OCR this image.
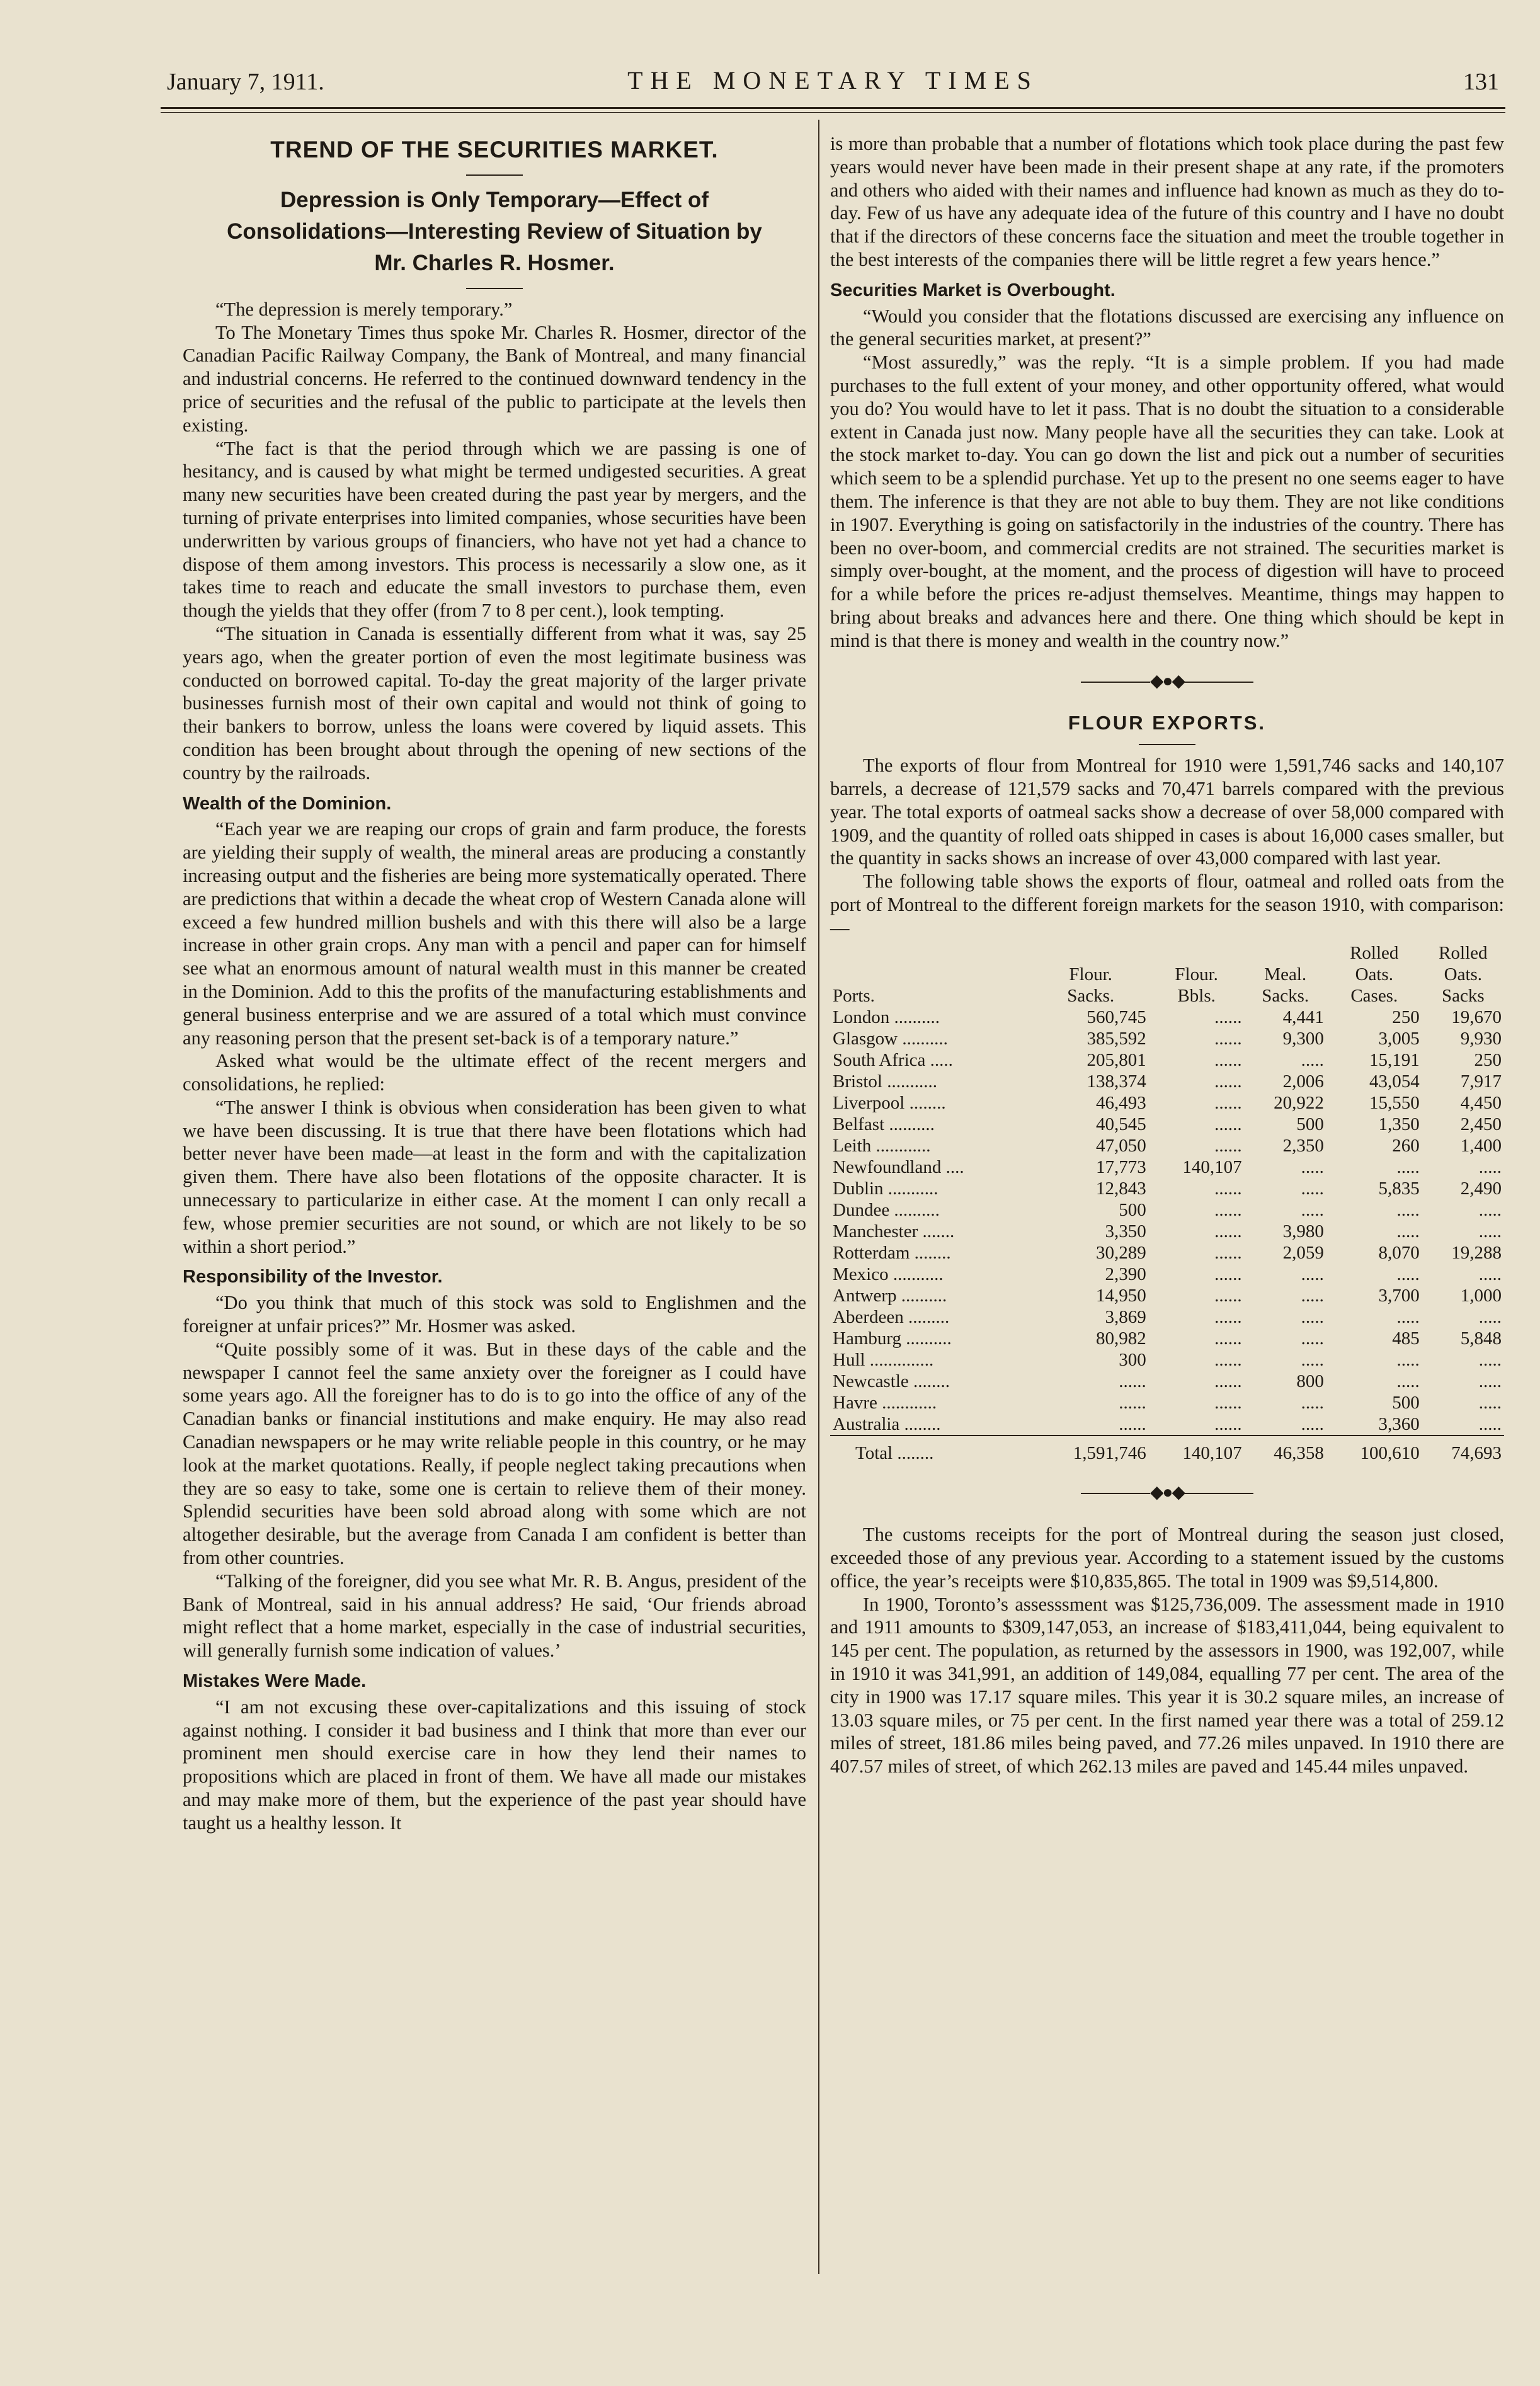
January 7, 1911.	THE MONETARY TIMES	131
TREND OF THE SECURITIES MARKET.
Depression is Only Temporary—Effect of Consolidations—Interesting Review of Situation by Mr. Charles R. Hosmer.

“The depression is merely temporary.”

To The Monetary Times thus spoke Mr. Charles R. Hosmer, director of the Canadian Pacific Railway Company, the Bank of Montreal, and many financial and industrial concerns. He referred to the continued downward tendency in the price of securities and the refusal of the public to participate at the levels then existing.

“The fact is that the period through which we are passing is one of hesitancy, and is caused by what might be termed undigested securities. A great many new securities have been created during the past year by mergers, and the turning of private enterprises into limited companies, whose securities have been underwritten by various groups of financiers, who have not yet had a chance to dispose of them among investors. This process is necessarily a slow one, as it takes time to reach and educate the small investors to purchase them, even though the yields that they offer (from 7 to 8 per cent.), look tempting.

“The situation in Canada is essentially different from what it was, say 25 years ago, when the greater portion of even the most legitimate business was conducted on borrowed capital. To-day the great majority of the larger private businesses furnish most of their own capital and would not think of going to their bankers to borrow, unless the loans were covered by liquid assets. This condition has been brought about through the opening of new sections of the country by the railroads.

Wealth of the Dominion.

“Each year we are reaping our crops of grain and farm produce, the forests are yielding their supply of wealth, the mineral areas are producing a constantly increasing output and the fisheries are being more systematically operated. There are predictions that within a decade the wheat crop of Western Canada alone will exceed a few hundred million bushels and with this there will also be a large increase in other grain crops. Any man with a pencil and paper can for himself see what an enormous amount of natural wealth must in this manner be created in the Dominion. Add to this the profits of the manufacturing establishments and general business enterprise and we are assured of a total which must convince any reasoning person that the present set-back is of a temporary nature.”

Asked what would be the ultimate effect of the recent mergers and consolidations, he replied:

“The answer I think is obvious when consideration has been given to what we have been discussing. It is true that there have been flotations which had better never have been made—at least in the form and with the capitalization given them. There have also been flotations of the opposite character. It is unnecessary to particularize in either case. At the moment I can only recall a few, whose premier securities are not sound, or which are not likely to be so within a short period.”

Responsibility of the Investor.

“Do you think that much of this stock was sold to Englishmen and the foreigner at unfair prices?” Mr. Hosmer was asked.

“Quite possibly some of it was. But in these days of the cable and the newspaper I cannot feel the same anxiety over the foreigner as I could have some years ago. All the foreigner has to do is to go into the office of any of the Canadian banks or financial institutions and make enquiry. He may also read Canadian newspapers or he may write reliable people in this country, or he may look at the market quotations. Really, if people neglect taking precautions when they are so easy to take, some one is certain to relieve them of their money. Splendid securities have been sold abroad along with some which are not altogether desirable, but the average from Canada I am confident is better than from other countries.

“Talking of the foreigner, did you see what Mr. R. B. Angus, president of the Bank of Montreal, said in his annual address? He said, ‘Our friends abroad might reflect that a home market, especially in the case of industrial securities, will generally furnish some indication of values.’

Mistakes Were Made.

“I am not excusing these over-capitalizations and this issuing of stock against nothing. I consider it bad business and I think that more than ever our prominent men should exercise care in how they lend their names to propositions which are placed in front of them. We have all made our mistakes and may make more of them, but the experience of the past year should have taught us a healthy lesson. It

is more than probable that a number of flotations which took place during the past few years would never have been made in their present shape at any rate, if the promoters and others who aided with their names and influence had known as much as they do to-day. Few of us have any adequate idea of the future of this country and I have no doubt that if the directors of these concerns face the situation and meet the trouble together in the best interests of the companies there will be little regret a few years hence.”

Securities Market is Overbought.

“Would you consider that the flotations discussed are exercising any influence on the general securities market, at present?”

“Most assuredly,” was the reply. “It is a simple problem. If you had made purchases to the full extent of your money, and other opportunity offered, what would you do? You would have to let it pass. That is no doubt the situation to a considerable extent in Canada just now. Many people have all the securities they can take. Look at the stock market to-day. You can go down the list and pick out a number of securities which seem to be a splendid purchase. Yet up to the present no one seems eager to have them. The inference is that they are not able to buy them. They are not like conditions in 1907. Everything is going on satisfactorily in the industries of the country. There has been no over-boom, and commercial credits are not strained. The securities market is simply over-bought, at the moment, and the process of digestion will have to proceed for a while before the prices re-adjust themselves. Meantime, things may happen to bring about breaks and advances here and there. One thing which should be kept in mind is that there is money and wealth in the country now.”

◆●◆
FLOUR EXPORTS.

The exports of flour from Montreal for 1910 were 1,591,746 sacks and 140,107 barrels, a decrease of 121,579 sacks and 70,471 barrels compared with the previous year. The total exports of oatmeal sacks show a decrease of over 58,000 compared with 1909, and the quantity of rolled oats shipped in cases is about 16,000 cases smaller, but the quantity in sacks shows an increase of over 43,000 compared with last year.

The following table shows the exports of flour, oatmeal and rolled oats from the port of Montreal to the different foreign markets for the season 1910, with comparison:—

				Rolled	Rolled
	Flour.	Flour.	Meal.	Oats.	Oats.
Ports.	Sacks.	Bbls.	Sacks.	Cases.	Sacks
London ..........	560,745	......	4,441	250	19,670
Glasgow ..........	385,592	......	9,300	3,005	9,930
South Africa .....	205,801	......	.....	15,191	250
Bristol ...........	138,374	......	2,006	43,054	7,917
Liverpool ........	46,493	......	20,922	15,550	4,450
Belfast ..........	40,545	......	500	1,350	2,450
Leith ............	47,050	......	2,350	260	1,400
Newfoundland ....	17,773	140,107	.....	.....	.....
Dublin ...........	12,843	......	.....	5,835	2,490
Dundee ..........	500	......	.....	.....	.....
Manchester .......	3,350	......	3,980	.....	.....
Rotterdam ........	30,289	......	2,059	8,070	19,288
Mexico ...........	2,390	......	.....	.....	.....
Antwerp ..........	14,950	......	.....	3,700	1,000
Aberdeen .........	3,869	......	.....	.....	.....
Hamburg ..........	80,982	......	.....	485	5,848
Hull ..............	300	......	.....	.....	.....
Newcastle ........	......	......	800	.....	.....
Havre ............	......	......	.....	500	.....
Australia ........	......	......	.....	3,360	.....
Total ........	1,591,746	140,107	46,358	100,610	74,693
◆●◆

The customs receipts for the port of Montreal during the season just closed, exceeded those of any previous year. According to a statement issued by the customs office, the year’s receipts were $10,835,865. The total in 1909 was $9,514,800.

In 1900, Toronto’s assesssment was $125,736,009. The assessment made in 1910 and 1911 amounts to $309,147,053, an increase of $183,411,044, being equivalent to 145 per cent. The population, as returned by the assessors in 1900, was 192,007, while in 1910 it was 341,991, an addition of 149,084, equalling 77 per cent. The area of the city in 1900 was 17.17 square miles. This year it is 30.2 square miles, an increase of 13.03 square miles, or 75 per cent. In the first named year there was a total of 259.12 miles of street, 181.86 miles being paved, and 77.26 miles unpaved. In 1910 there are 407.57 miles of street, of which 262.13 miles are paved and 145.44 miles unpaved.
